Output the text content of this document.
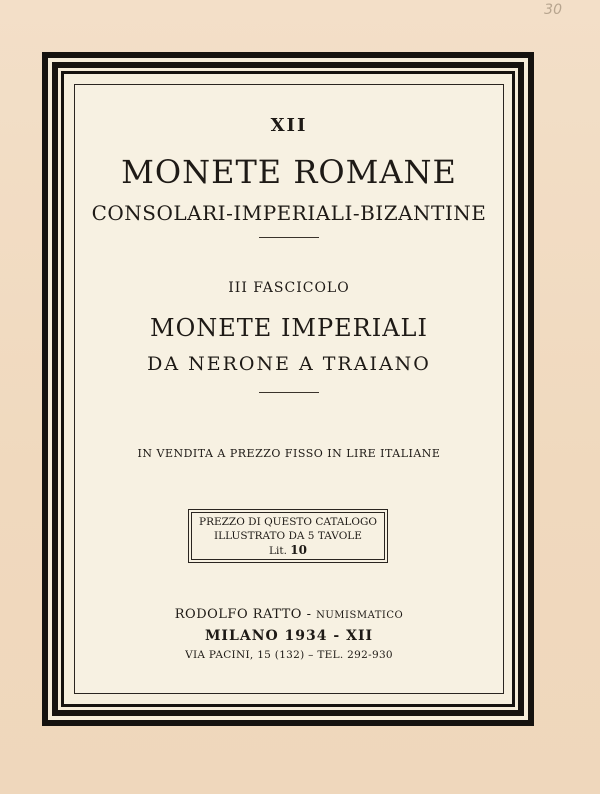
30
XII
MONETE ROMANE
CONSOLARI-IMPERIALI-BIZANTINE
III FASCICOLO
MONETE IMPERIALI
DA NERONE A TRAIANO
IN VENDITA A PREZZO FISSO IN LIRE ITALIANE
PREZZO DI QUESTO CATALOGO
ILLUSTRATO DA 5 TAVOLE
Lit. 10
RODOLFO RATTO - NUMISMATICO
MILANO 1934 - XII
VIA PACINI, 15 (132) – TEL. 292-930
